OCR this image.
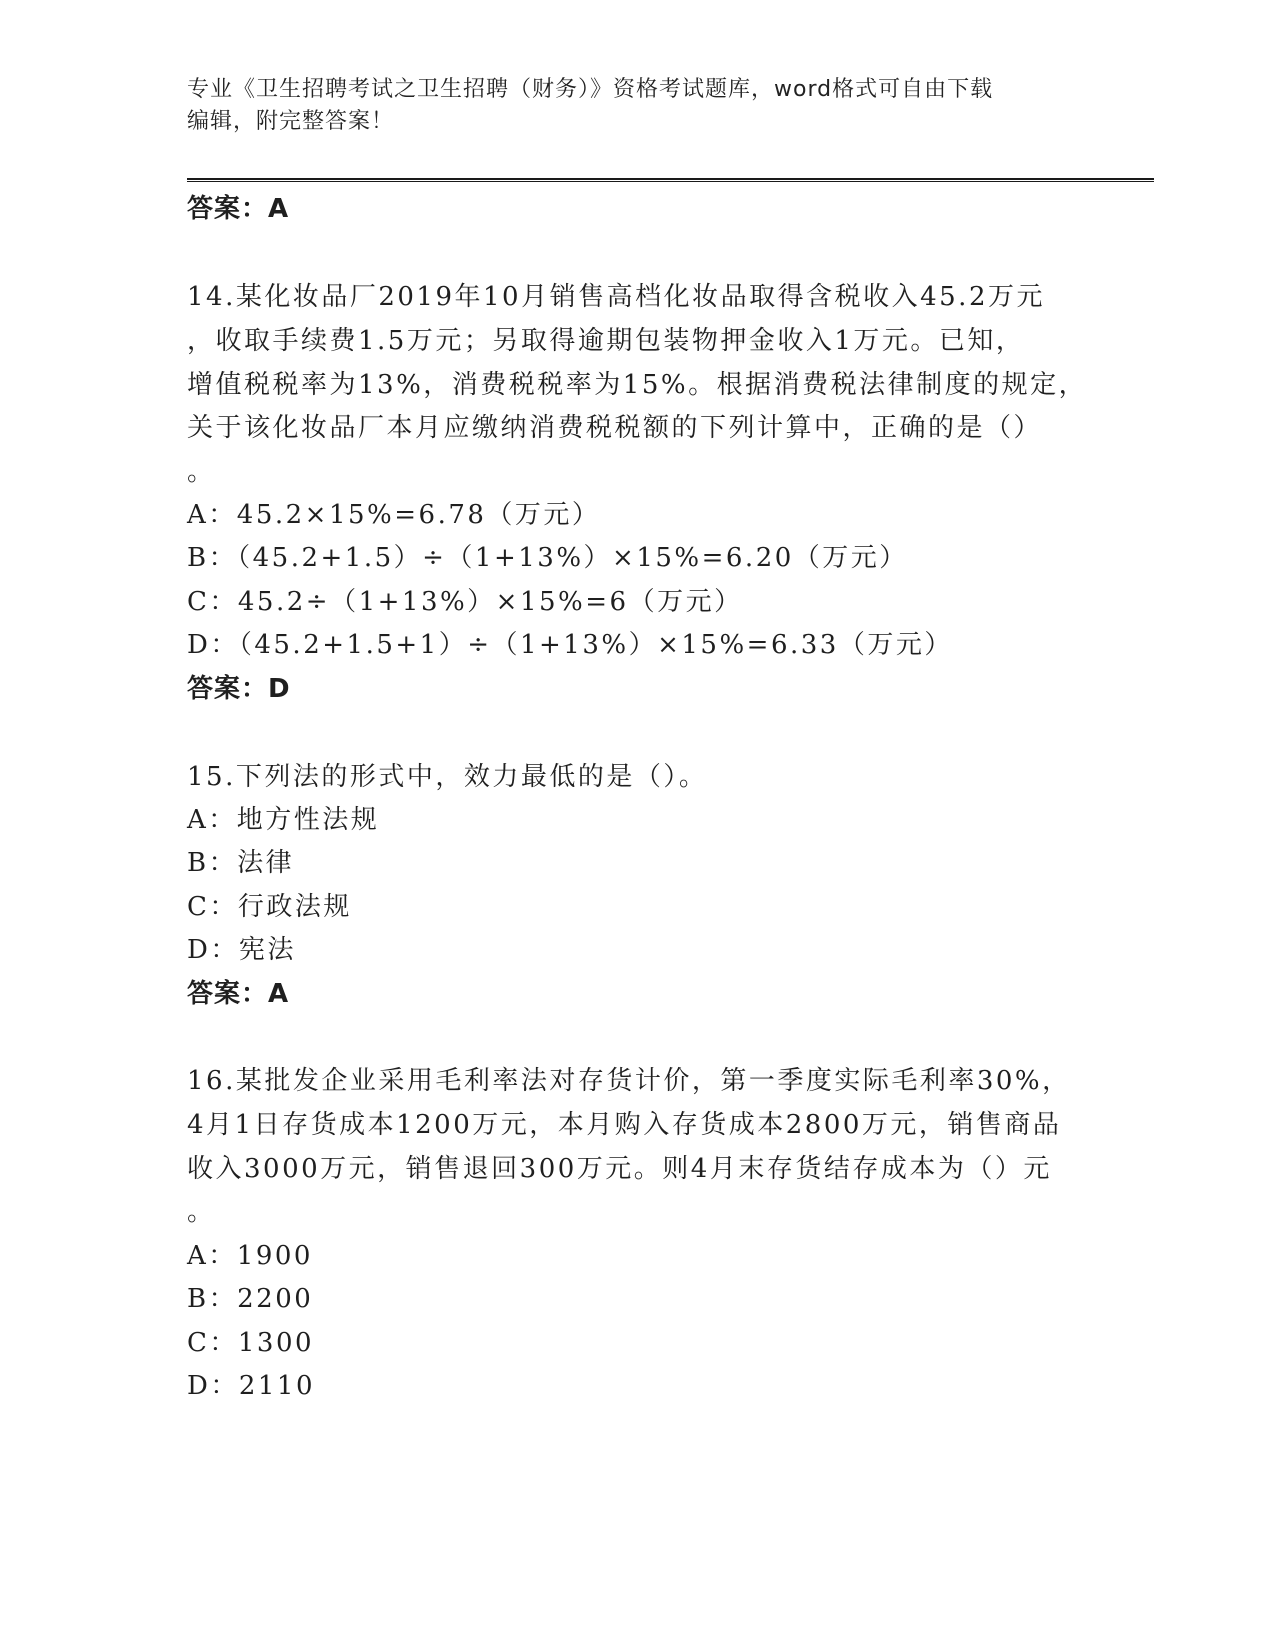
专业《卫生招聘考试之卫生招聘（财务）》资格考试题库，word格式可自由下载
编辑，附完整答案！
答案：A
14.某化妆品厂2019年10月销售高档化妆品取得含税收入45.2万元
，收取手续费1.5万元；另取得逾期包装物押金收入1万元。已知，
增值税税率为13%，消费税税率为15%。根据消费税法律制度的规定，
关于该化妆品厂本月应缴纳消费税税额的下列计算中，正确的是（）
。
A：45.2×15%=6.78（万元）
B：（45.2+1.5）÷（1+13%）×15%=6.20（万元）
C：45.2÷（1+13%）×15%=6（万元）
D：（45.2+1.5+1）÷（1+13%）×15%=6.33（万元）
答案：D
15.下列法的形式中，效力最低的是（）。
A：地方性法规
B：法律
C：行政法规
D：宪法
答案：A
16.某批发企业采用毛利率法对存货计价，第一季度实际毛利率30%，
4月1日存货成本1200万元，本月购入存货成本2800万元，销售商品
收入3000万元，销售退回300万元。则4月末存货结存成本为（）元
。
A：1900
B：2200
C：1300
D：2110
